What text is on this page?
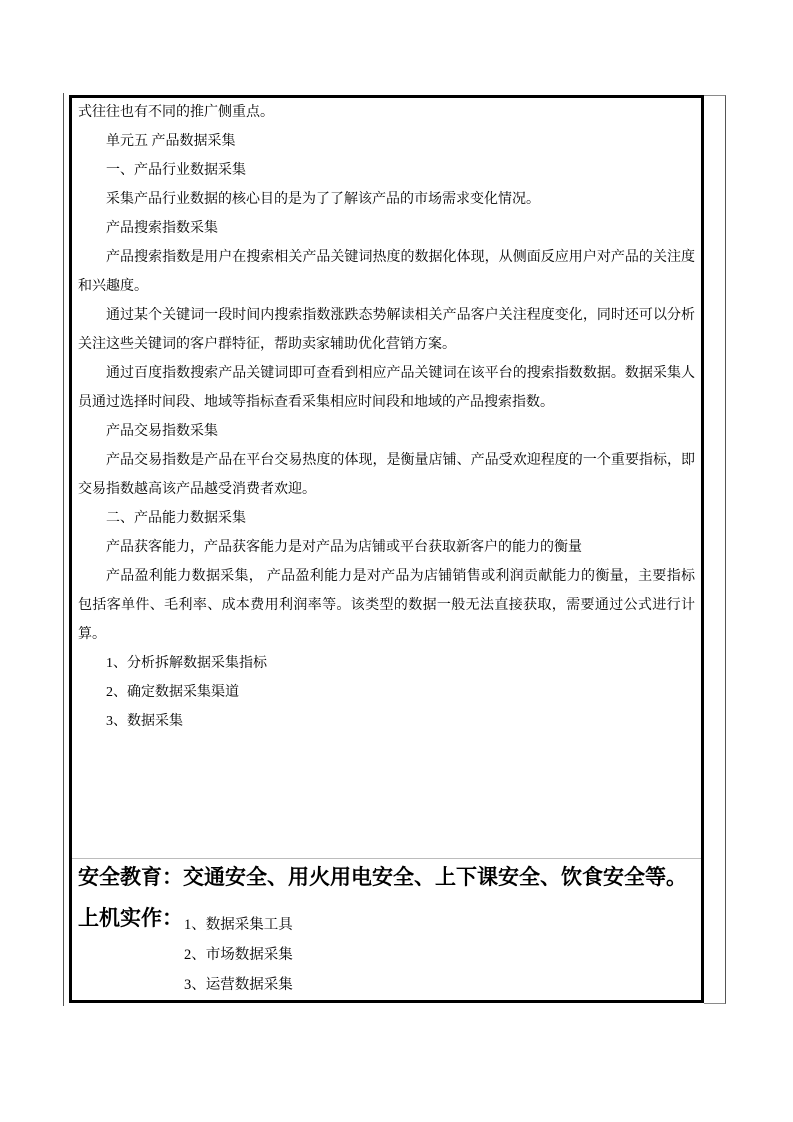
式往往也有不同的推广侧重点。

单元五 产品数据采集

一、产品行业数据采集

采集产品行业数据的核心目的是为了了解该产品的市场需求变化情况。

产品搜索指数采集

产品搜索指数是用户在搜索相关产品关键词热度的数据化体现，从侧面反应用户对产品的关注度和兴趣度。

通过某个关键词一段时间内搜索指数涨跌态势解读相关产品客户关注程度变化，同时还可以分析关注这些关键词的客户群特征，帮助卖家辅助优化营销方案。

通过百度指数搜索产品关键词即可查看到相应产品关键词在该平台的搜索指数数据。数据采集人员通过选择时间段、地域等指标查看采集相应时间段和地域的产品搜索指数。

产品交易指数采集

产品交易指数是产品在平台交易热度的体现，是衡量店铺、产品受欢迎程度的一个重要指标，即交易指数越高该产品越受消费者欢迎。

二、产品能力数据采集

产品获客能力，产品获客能力是对产品为店铺或平台获取新客户的能力的衡量

产品盈利能力数据采集， 产品盈利能力是对产品为店铺销售或利润贡献能力的衡量，主要指标包括客单件、毛利率、成本费用利润率等。该类型的数据一般无法直接获取，需要通过公式进行计算。

1、分析拆解数据采集指标

2、确定数据采集渠道

3、数据采集

安全教育：交通安全、用火用电安全、上下课安全、饮食安全等。
上机实作： 1、数据采集工具
2、市场数据采集
3、运营数据采集
